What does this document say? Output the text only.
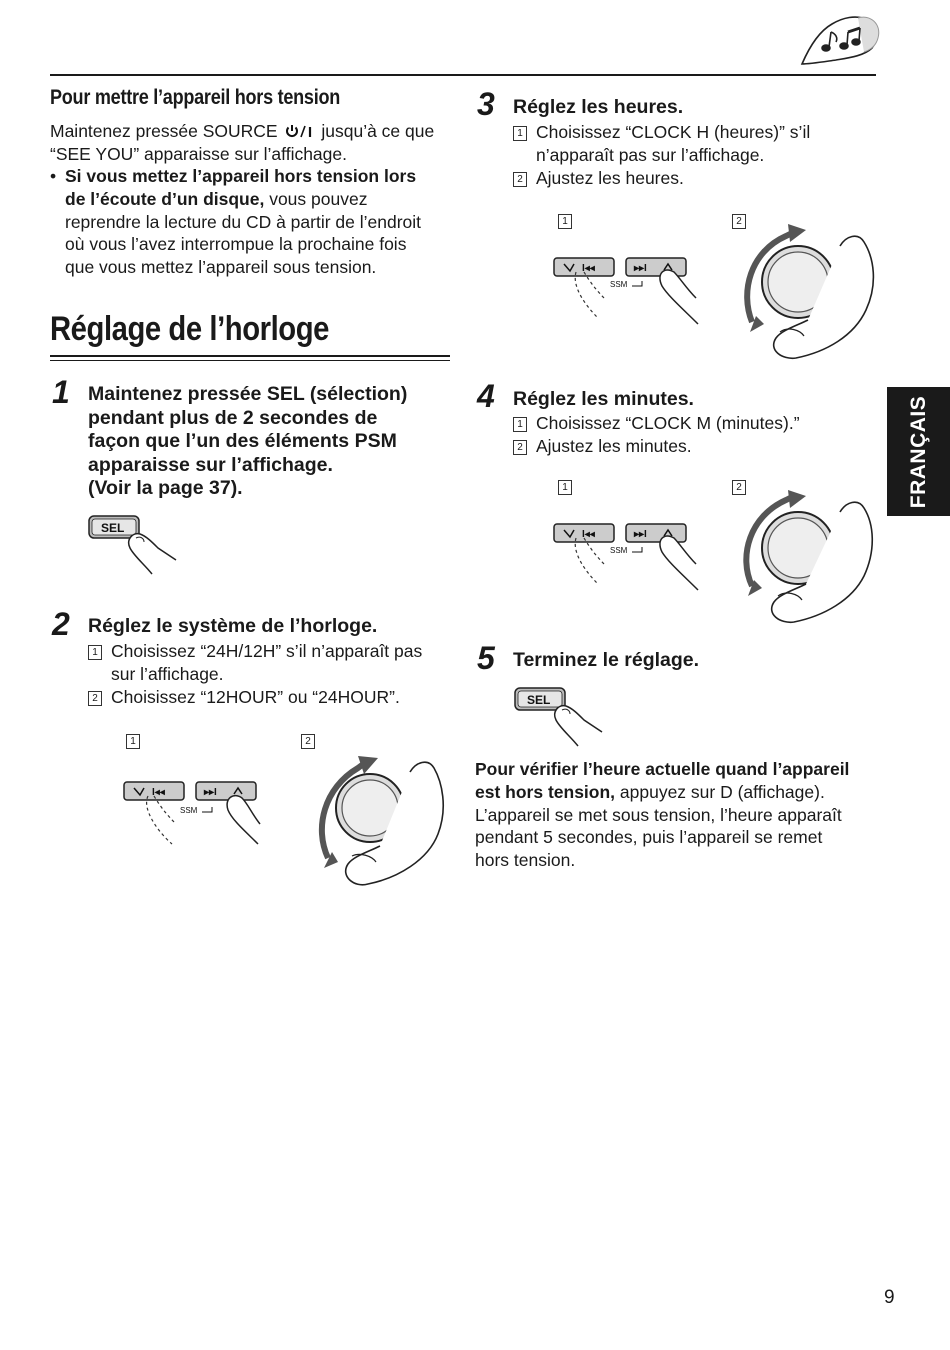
Pour mettre l’appareil hors tension
Maintenez pressée SOURCE	jusqu’à ce que
“SEE YOU” apparaisse sur l’affichage.
• Si vous mettez l’appareil hors tension lors
de l’écoute d’un disque, vous pouvez
reprendre la lecture du CD à partir de l’endroit
où vous l’avez interrompue la prochaine fois
que vous mettez l’appareil sous tension.
Réglage de l’horloge
1 Maintenez pressée SEL (sélection)
pendant plus de 2 secondes de
façon que l’un des éléments PSM
apparaisse sur l’affichage.
(Voir la page 37).
SEL
2 Réglez le système de l’horloge.
1 Choisissez “24H/12H” s’il n’apparaît pas
sur l’affichage.
2 Choisissez “12HOUR” ou “24HOUR”.
1	2
I◂◂	▸▸I
SSM
3 Réglez les heures.
1 Choisissez “CLOCK H (heures)” s’il
n’apparaît pas sur l’affichage.
2 Ajustez les heures.
1	2
I◂◂	▸▸I
SSM
FRANÇAIS
4 Réglez les minutes.
1 Choisissez “CLOCK M (minutes).”
2 Ajustez les minutes.
1	2
I◂◂	▸▸I
SSM
5 Terminez le réglage.
SEL
Pour vérifier l’heure actuelle quand l’appareil
est hors tension, appuyez sur D (affichage).
L’appareil se met sous tension, l’heure apparaît
pendant 5 secondes, puis l’appareil se remet
hors tension.
9
